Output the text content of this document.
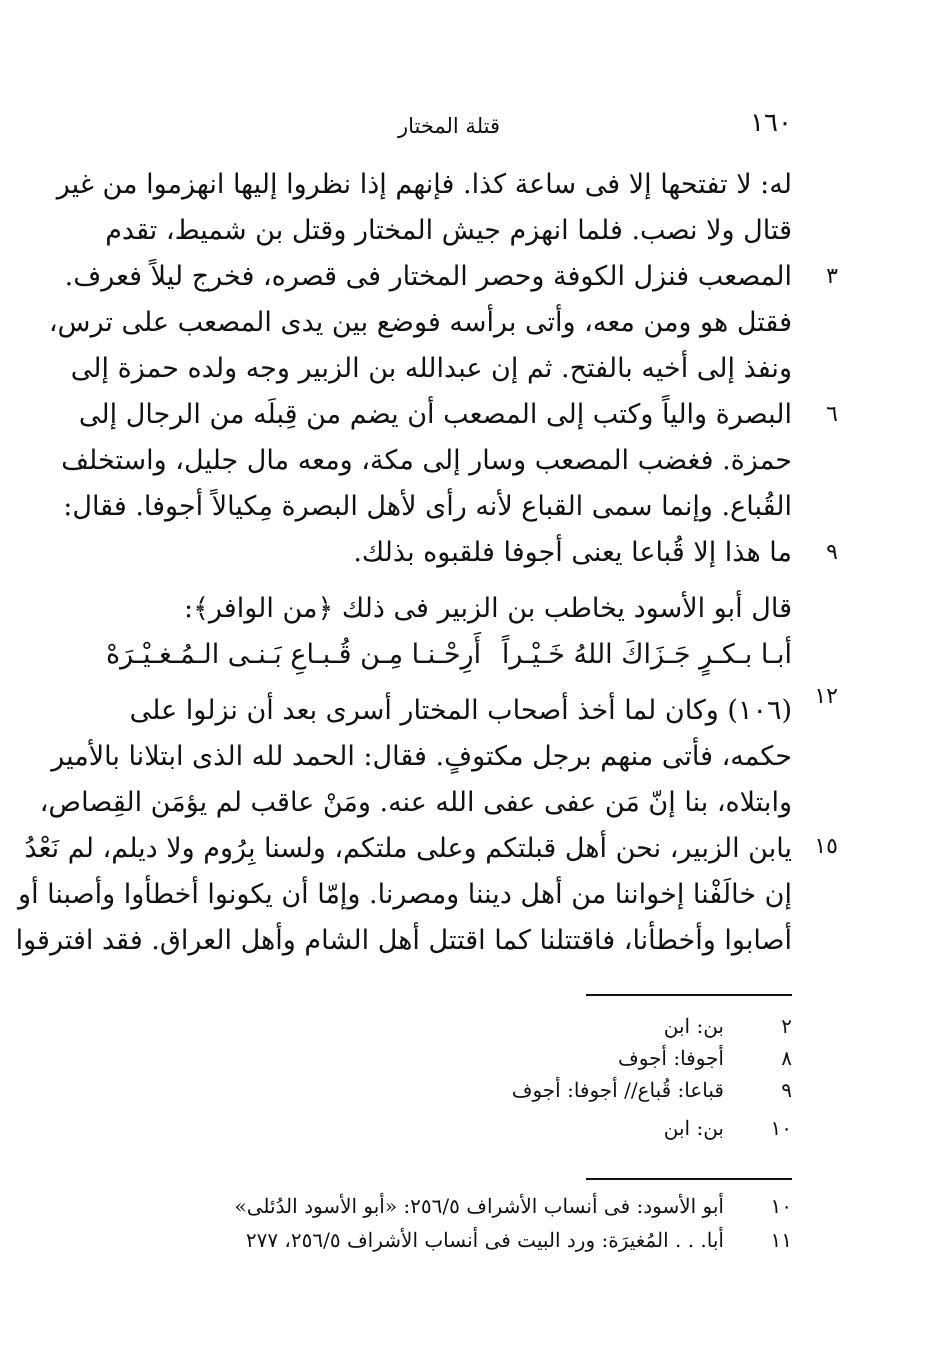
١٦٠
قتلة المختار
له: لا تفتحها إلا فى ساعة كذا. فإنهم إذا نظروا إليها انهزموا من غير
قتال ولا نصب. فلما انهزم جيش المختار وقتل بن شميط، تقدم
المصعب فنزل الكوفة وحصر المختار فى قصره، فخرج ليلاً فعرف.
فقتل هو ومن معه، وأتى برأسه فوضع بين يدى المصعب على ترس،
ونفذ إلى أخيه بالفتح. ثم إن عبدالله بن الزبير وجه ولده حمزة إلى
البصرة والياً وكتب إلى المصعب أن يضم من قِبلَه من الرجال إلى
حمزة. فغضب المصعب وسار إلى مكة، ومعه مال جليل، واستخلف
القُباع. وإنما سمى القباع لأنه رأى لأهل البصرة مِكيالاً أجوفا. فقال:
ما هذا إلا قُباعا يعنى أجوفا فلقبوه بذلك.
٣
٦
٩
قال أبو الأسود يخاطب بن الزبير فى ذلك ﴿من الوافر﴾:
أبـا بـكـرٍ جَـزَاكَ اللهُ خَـيْـراً
أَرِحْـنـا مِـن قُـبـاعِ بَـنـى الـمُـغـيْـرَهْ
(١٠٦) وكان لما أخذ أصحاب المختار أسرى بعد أن نزلوا على
حكمه، فأتى منهم برجل مكتوفٍ. فقال: الحمد لله الذى ابتلانا بالأمير
وابتلاه، بنا إنّ مَن عفى عفى الله عنه. ومَنْ عاقب لم يؤمَن القِصاص،
يابن الزبير، نحن أهل قبلتكم وعلى ملتكم، ولسنا بِرُوم ولا ديلم، لم نَعْدُ
إن خالَفْنا إخواننا من أهل ديننا ومصرنا. وإمّا أن يكونوا أخطأوا وأصبنا أو
أصابوا وأخطأنا، فاقتتلنا كما اقتتل أهل الشام وأهل العراق. فقد افترقوا
١٢
١٥
٢
بن: ابن
٨
أجوفا: أجوف
٩
قباعا: قُباع// أجوفا: أجوف
١٠
بن: ابن
١٠
أبو الأسود: فى أنساب الأشراف ٢٥٦/٥: «أبو الأسود الدُئلى»
١١
أبا. . . المُغيرَة: ورد البيت فى أنساب الأشراف ٢٥٦/٥، ٢٧٧
